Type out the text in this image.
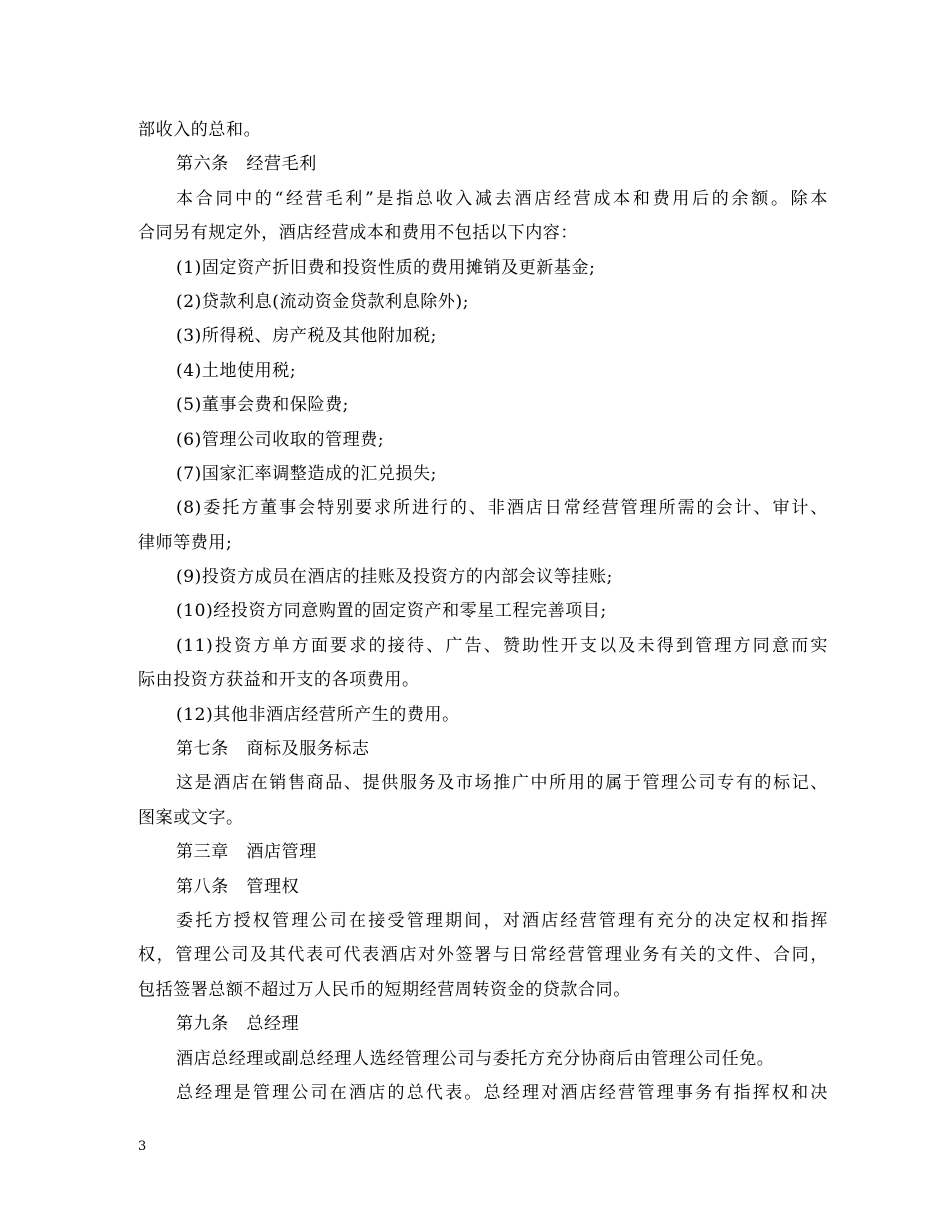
部收入的总和。
第六条　经营毛利
本合同中的“经营毛利”是指总收入减去酒店经营成本和费用后的余额。除本
合同另有规定外，酒店经营成本和费用不包括以下内容：
(1)固定资产折旧费和投资性质的费用摊销及更新基金;
(2)贷款利息(流动资金贷款利息除外);
(3)所得税、房产税及其他附加税;
(4)土地使用税;
(5)董事会费和保险费;
(6)管理公司收取的管理费;
(7)国家汇率调整造成的汇兑损失;
(8)委托方董事会特别要求所进行的、非酒店日常经营管理所需的会计、审计、
律师等费用;
(9)投资方成员在酒店的挂账及投资方的内部会议等挂账;
(10)经投资方同意购置的固定资产和零星工程完善项目;
(11)投资方单方面要求的接待、广告、赞助性开支以及未得到管理方同意而实
际由投资方获益和开支的各项费用。
(12)其他非酒店经营所产生的费用。
第七条　商标及服务标志
这是酒店在销售商品、提供服务及市场推广中所用的属于管理公司专有的标记、
图案或文字。
第三章　酒店管理
第八条　管理权
委托方授权管理公司在接受管理期间，对酒店经营管理有充分的决定权和指挥
权，管理公司及其代表可代表酒店对外签署与日常经营管理业务有关的文件、合同，
包括签署总额不超过万人民币的短期经营周转资金的贷款合同。
第九条　总经理
酒店总经理或副总经理人选经管理公司与委托方充分协商后由管理公司任免。
总经理是管理公司在酒店的总代表。总经理对酒店经营管理事务有指挥权和决
3
